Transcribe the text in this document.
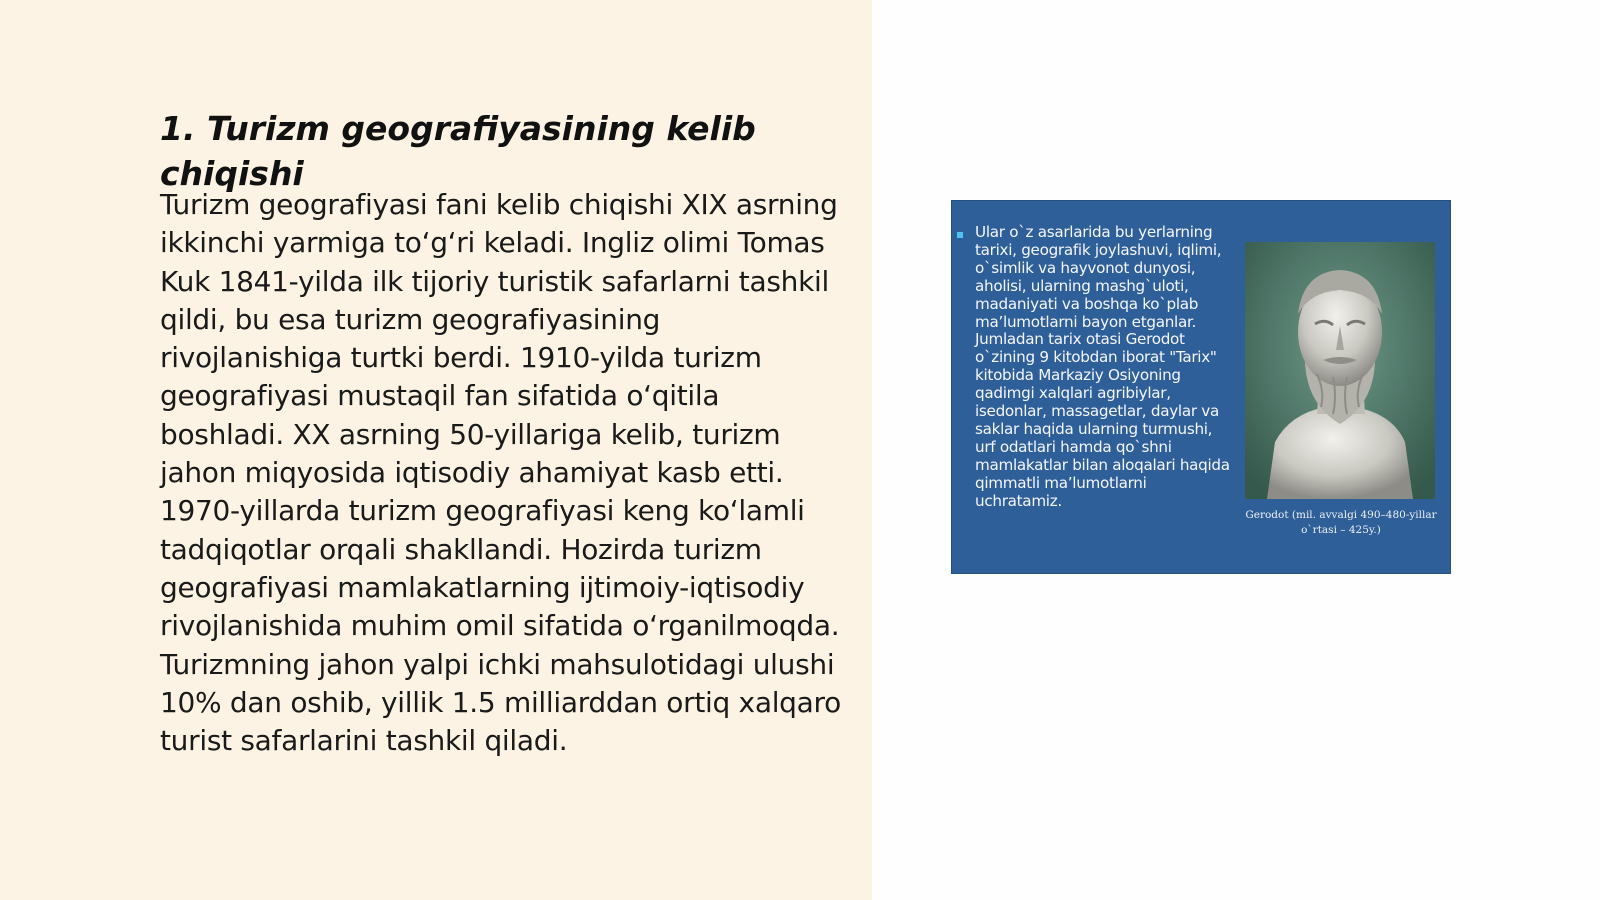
1. Turizm geografiyasining kelib chiqishi

Turizm geografiyasi fani kelib chiqishi XIX asrning ikkinchi yarmiga to‘g‘ri keladi. Ingliz olimi Tomas Kuk 1841-yilda ilk tijoriy turistik safarlarni tashkil qildi, bu esa turizm geografiyasining rivojlanishiga turtki berdi. 1910-yilda turizm geografiyasi mustaqil fan sifatida o‘qitila boshladi. XX asrning 50-yillariga kelib, turizm jahon miqyosida iqtisodiy ahamiyat kasb etti. 1970-yillarda turizm geografiyasi keng ko‘lamli tadqiqotlar orqali shakllandi. Hozirda turizm geografiyasi mamlakatlarning ijtimoiy-iqtisodiy rivojlanishida muhim omil sifatida o‘rganilmoqda. Turizmning jahon yalpi ichki mahsulotidagi ulushi 10% dan oshib, yillik 1.5 milliarddan ortiq xalqaro turist safarlarini tashkil qiladi.

Ular o`z asarlarida bu yerlarning tarixi, geografik joylashuvi, iqlimi, o`simlik va hayvonot dunyosi, aholisi, ularning mashg`uloti, madaniyati va boshqa ko`plab ma’lumotlarni bayon etganlar. Jumladan tarix otasi Gerodot o`zining 9 kitobdan iborat "Tarix" kitobida Markaziy Osiyoning qadimgi xalqlari agribiylar, isedonlar, massagetlar, daylar va saklar haqida ularning turmushi, urf odatlari hamda qo`shni mamlakatlar bilan aloqalari haqida qimmatli ma’lumotlarni uchratamiz.

Gerodot (mil. avvalgi 490–480-yillar o`rtasi – 425y.)
